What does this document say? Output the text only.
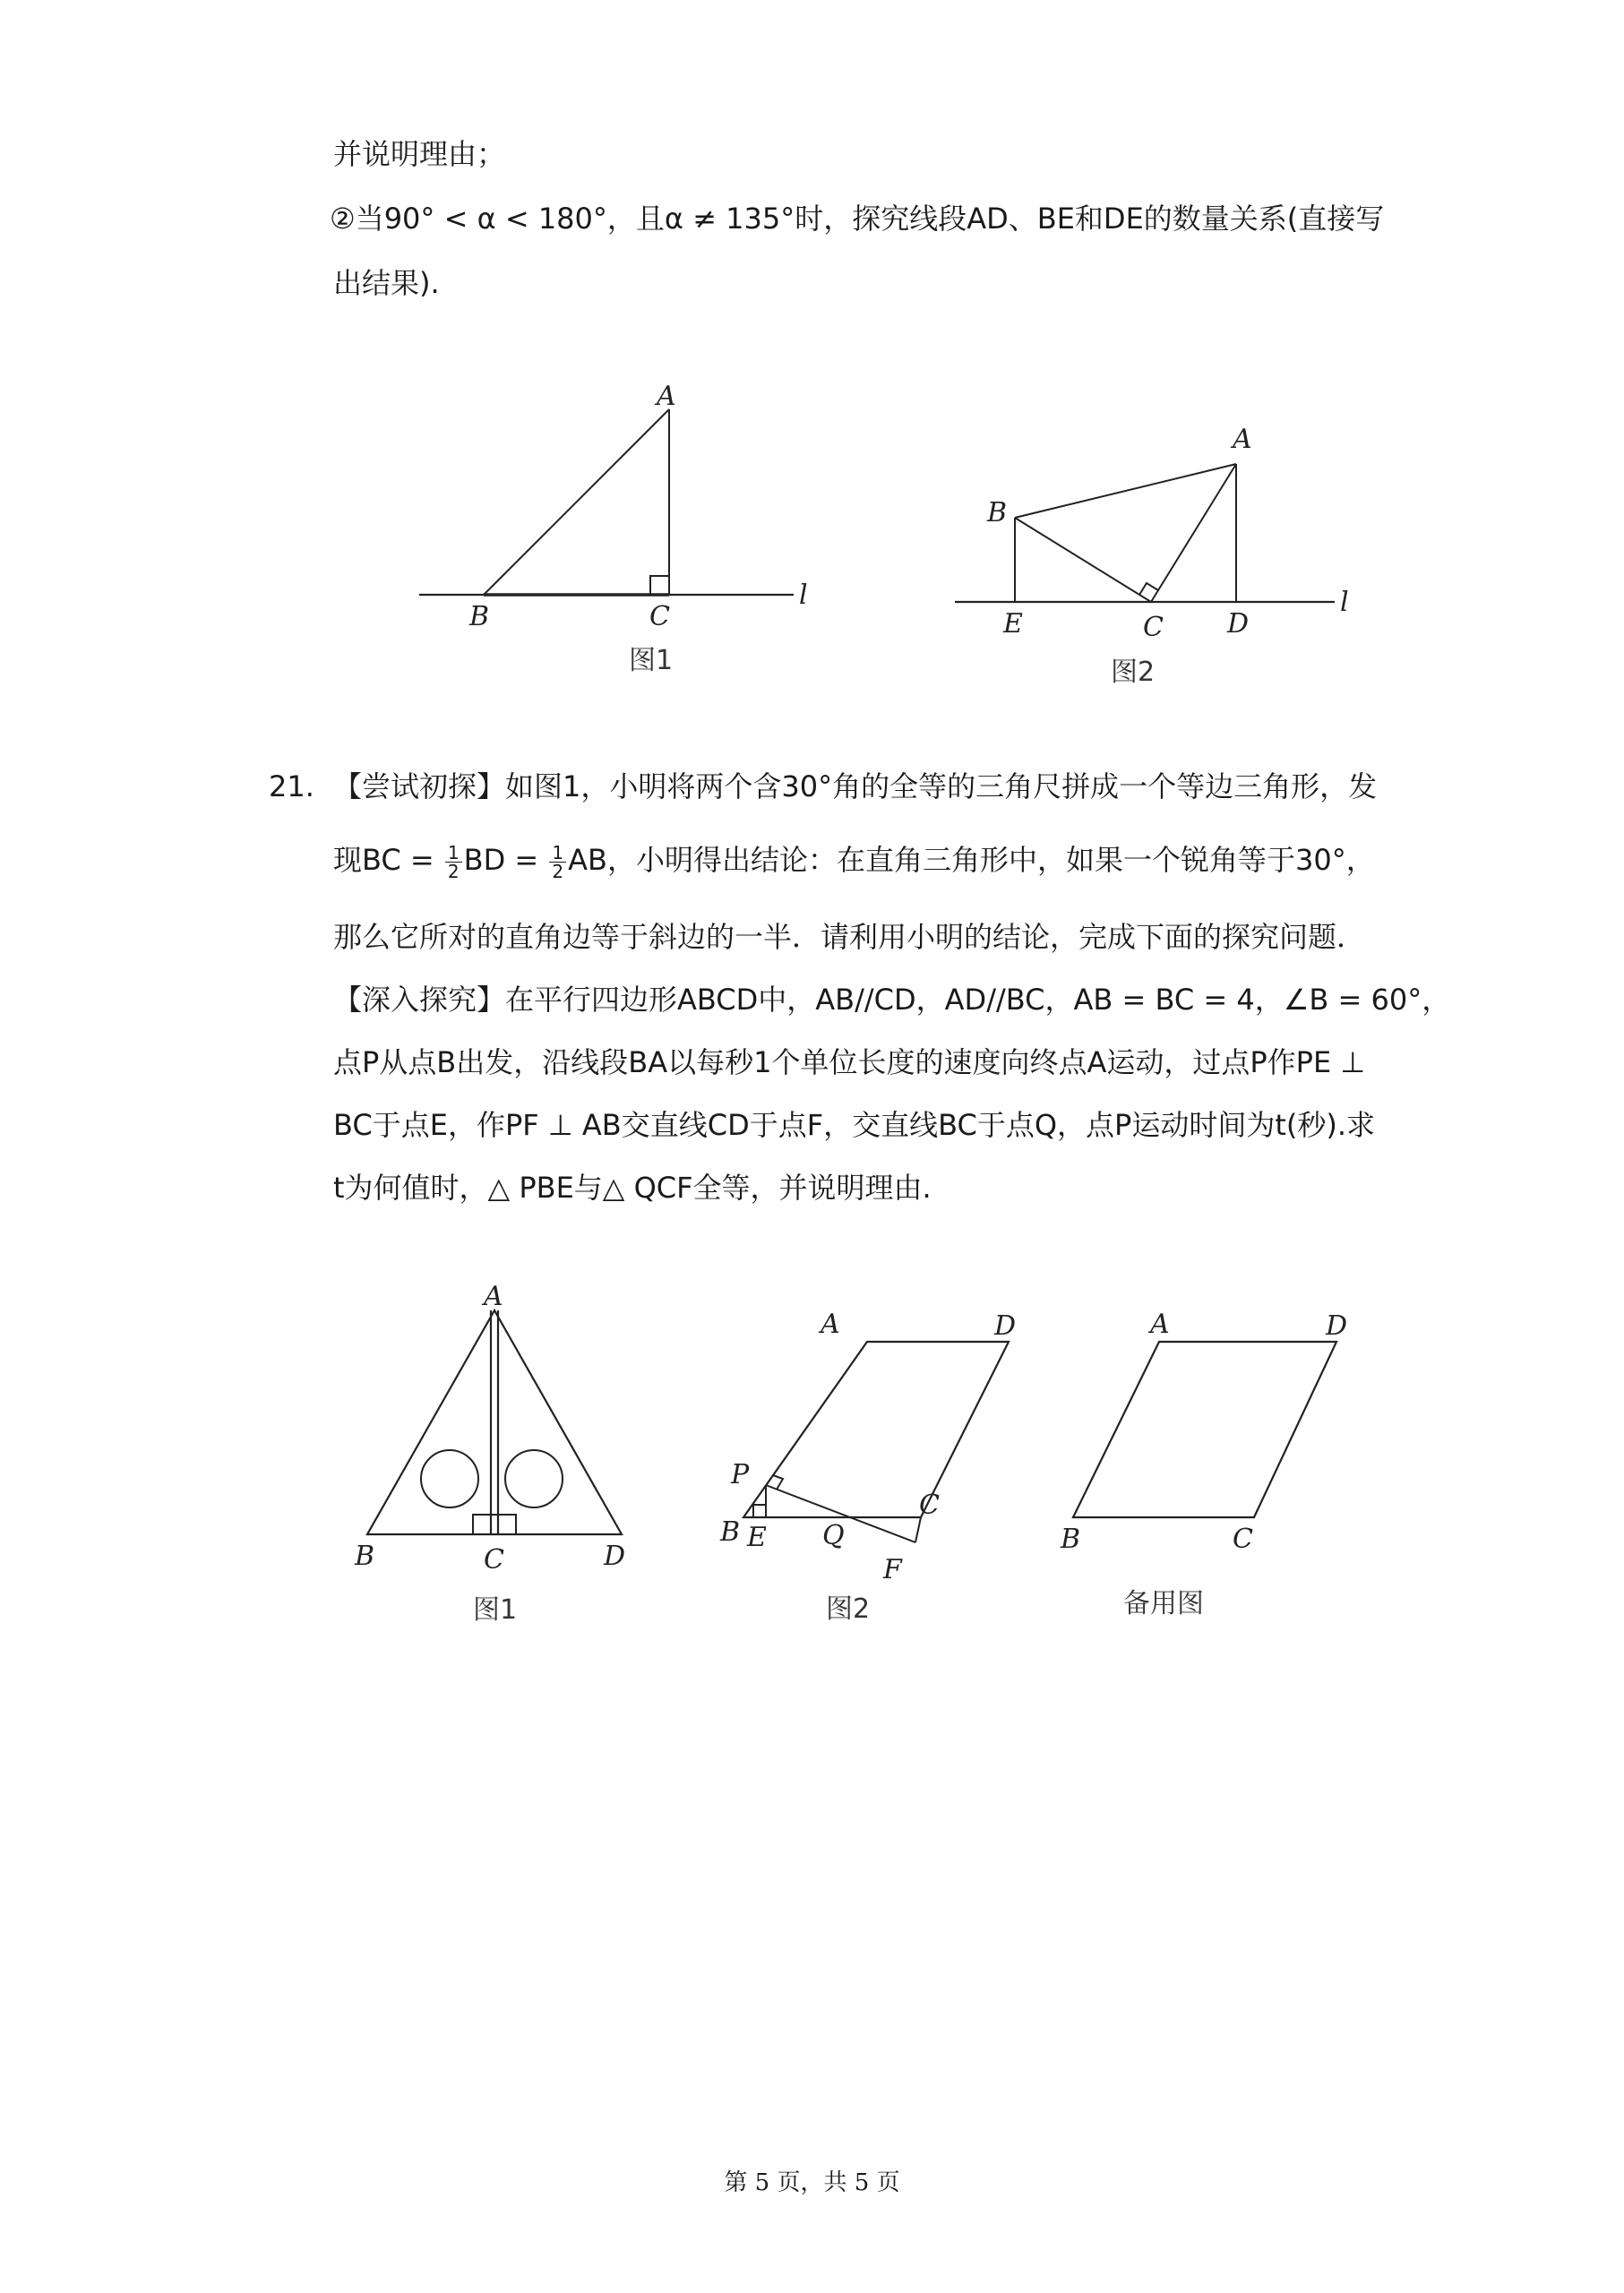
并说明理由；
②当90° < α < 180°，且α ≠ 135°时，探究线段AD、BE和DE的数量关系(直接写
出结果).
A
B	C
l
图1
A
B
E	C D
l
图2
21. 【尝试初探】如图1，小明将两个含30°角的全等的三角尺拼成一个等边三角形，发
现BC = $\frac{1}{2}$ BD = $\frac{1}{2}$ AB，小明得出结论：在直角三角形中，如果一个锐角等于30°，
那么它所对的直角边等于斜边的一半．请利用小明的结论，完成下面的探究问题．
【深入探究】在平行四边形ABCD中，AB//CD，AD//BC，AB = BC = 4，∠B = 60°，
点P从点B出发，沿线段BA以每秒1个单位长度的速度向终点A运动，过点P作PE ⊥
BC于点E，作PF ⊥ AB交直线CD于点F，交直线BC于点Q，点P运动时间为t(秒).求
t为何值时，△ PBE与△ QCF全等，并说明理由.
A
B	C	D
图1
A	D
P
B E Q
C
F
图2
A	D
B	C
备用图
第 5 页，共 5 页
